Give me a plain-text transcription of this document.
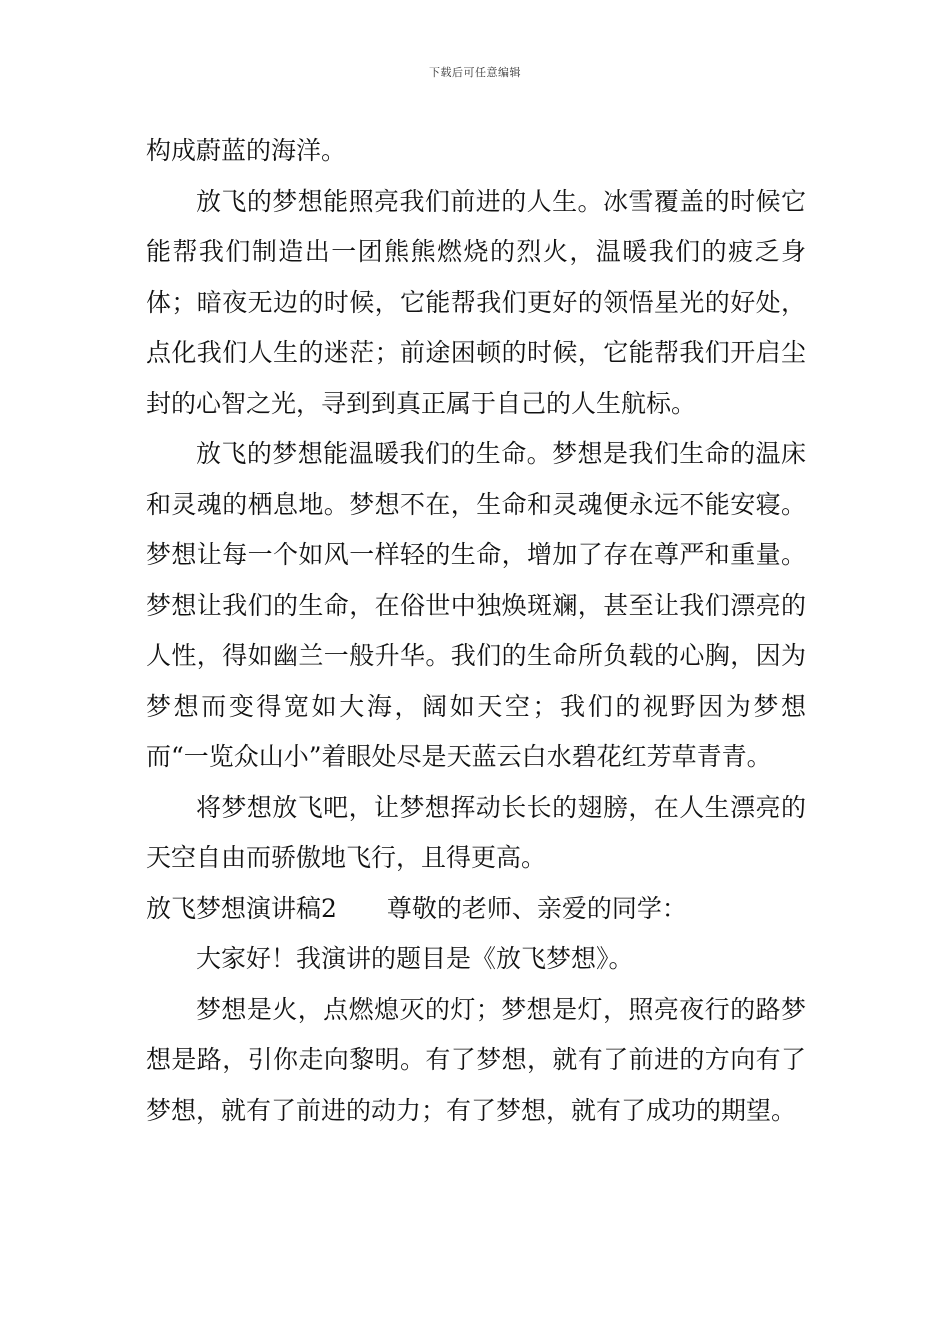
下载后可任意编辑

构成蔚蓝的海洋。

放飞的梦想能照亮我们前进的人生。冰雪覆盖的时候它能帮我们制造出一团熊熊燃烧的烈火，温暖我们的疲乏身体；暗夜无边的时候，它能帮我们更好的领悟星光的好处，点化我们人生的迷茫；前途困顿的时候，它能帮我们开启尘封的心智之光，寻到到真正属于自己的人生航标。

放飞的梦想能温暖我们的生命。梦想是我们生命的温床和灵魂的栖息地。梦想不在，生命和灵魂便永远不能安寝。梦想让每一个如风一样轻的生命，增加了存在尊严和重量。梦想让我们的生命，在俗世中独焕斑斓，甚至让我们漂亮的人性，得如幽兰一般升华。我们的生命所负载的心胸，因为梦想而变得宽如大海，阔如天空；我们的视野因为梦想而“一览众山小”着眼处尽是天蓝云白水碧花红芳草青青。

将梦想放飞吧，让梦想挥动长长的翅膀，在人生漂亮的天空自由而骄傲地飞行，且得更高。

放飞梦想演讲稿2　　尊敬的老师、亲爱的同学：

大家好！我演讲的题目是《放飞梦想》。

梦想是火，点燃熄灭的灯；梦想是灯，照亮夜行的路梦想是路，引你走向黎明。有了梦想，就有了前进的方向有了梦想，就有了前进的动力；有了梦想，就有了成功的期望。
